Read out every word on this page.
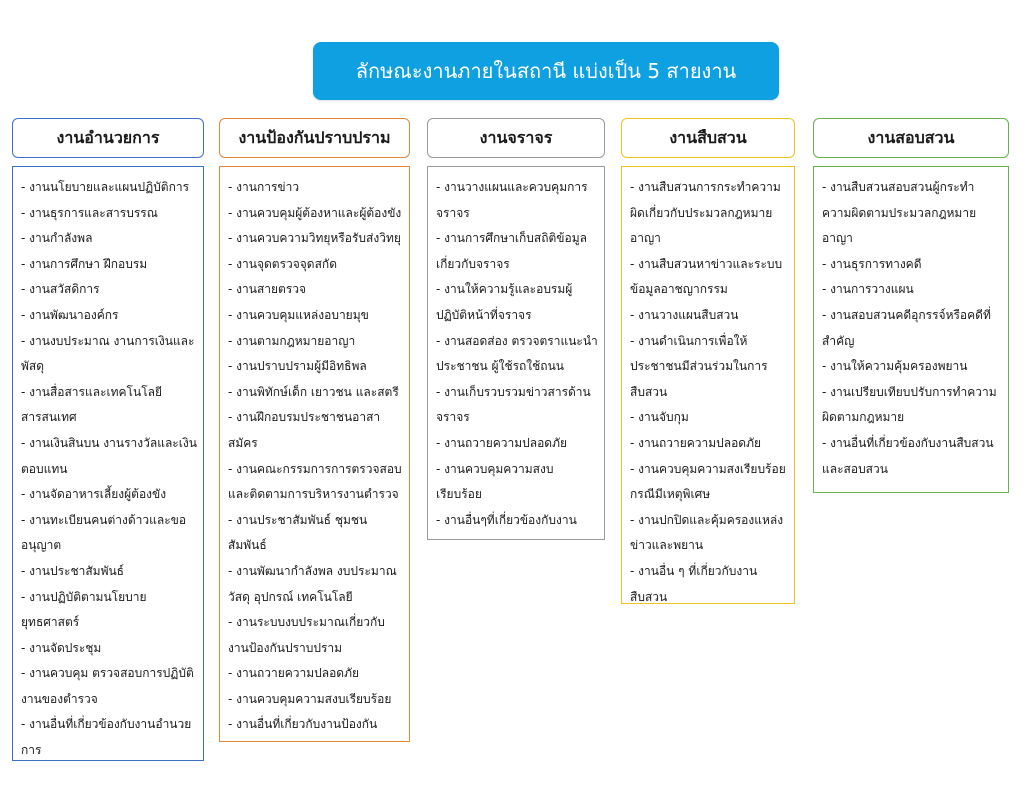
ลักษณะงานภายในสถานี แบ่งเป็น 5 สายงาน
งานอำนวยการ
- งานนโยบายและแผนปฏิบัติการ
- งานธุรการและสารบรรณ
- งานกำลังพล
- งานการศึกษา ฝึกอบรม
- งานสวัสดิการ
- งานพัฒนาองค์กร
- งานงบประมาณ งานการเงินและพัสดุ
- งานสื่อสารและเทคโนโลยีสารสนเทศ
- งานเงินสินบน งานรางวัลและเงินตอบแทน
- งานจัดอาหารเลี้ยงผู้ต้องขัง
- งานทะเบียนคนต่างด้าวและขออนุญาต
- งานประชาสัมพันธ์
- งานปฏิบัติตามนโยบายยุทธศาสตร์
- งานจัดประชุม
- งานควบคุม ตรวจสอบการปฏิบัติงานของตำรวจ
- งานอื่นที่เกี่ยวข้องกับงานอำนวยการ
งานป้องกันปราบปราม
- งานการข่าว
- งานควบคุมผู้ต้องหาและผู้ต้องขัง
- งานควบความวิทยุหรือรับส่งวิทยุ
- งานจุดตรวจจุดสกัด
- งานสายตรวจ
- งานควบคุมแหล่งอบายมุข
- งานตามกฎหมายอาญา
- งานปราบปรามผู้มีอิทธิพล
- งานพิทักษ์เด็ก เยาวชน และสตรี
- งานฝึกอบรมประชาชนอาสาสมัคร
- งานคณะกรรมการการตรวจสอบและติดตามการบริหารงานตำรวจ
- งานประชาสัมพันธ์ ชุมชนสัมพันธ์
- งานพัฒนากำลังพล งบประมาณวัสดุ อุปกรณ์ เทคโนโลยี
- งานระบบงบประมาณเกี่ยวกับงานป้องกันปราบปราม
- งานถวายความปลอดภัย
- งานควบคุมความสงบเรียบร้อย
- งานอื่นที่เกี่ยวกับงานป้องกัน
งานจราจร
- งานวางแผนและควบคุมการจราจร
- งานการศึกษาเก็บสถิติข้อมูลเกี่ยวกับจราจร
- งานให้ความรู้และอบรมผู้ปฏิบัติหน้าที่จราจร
- งานสอดส่อง ตรวจตราแนะนำประชาชน ผู้ใช้รถใช้ถนน
- งานเก็บรวบรวมข่าวสารด้านจราจร
- งานถวายความปลอดภัย
- งานควบคุมความสงบเรียบร้อย
- งานอื่นๆที่เกี่ยวข้องกับงาน
งานสืบสวน
- งานสืบสวนการกระทำความผิดเกี่ยวกับประมวลกฎหมายอาญา
- งานสืบสวนหาข่าวและระบบข้อมูลอาชญากรรม
- งานวางแผนสืบสวน
- งานดำเนินการเพื่อให้ประชาชนมีส่วนร่วมในการสืบสวน
- งานจับกุม
- งานถวายความปลอดภัย
- งานควบคุมความสงเรียบร้อยกรณีมีเหตุพิเศษ
- งานปกปิดและคุ้มครองแหล่งข่าวและพยาน
- งานอื่น ๆ ที่เกี่ยวกับงานสืบสวน
งานสอบสวน
- งานสืบสวนสอบสวนผู้กระทำความผิดตามประมวลกฎหมายอาญา
- งานธุรการทางคดี
- งานการวางแผน
- งานสอบสวนคดีอุกรรจ์หรือคดีที่สำคัญ
- งานให้ความคุ้มครองพยาน
- งานเปรียบเทียบปรับการทำความผิดตามกฎหมาย
- งานอื่นที่เกี่ยวข้องกับงานสืบสวนและสอบสวน
